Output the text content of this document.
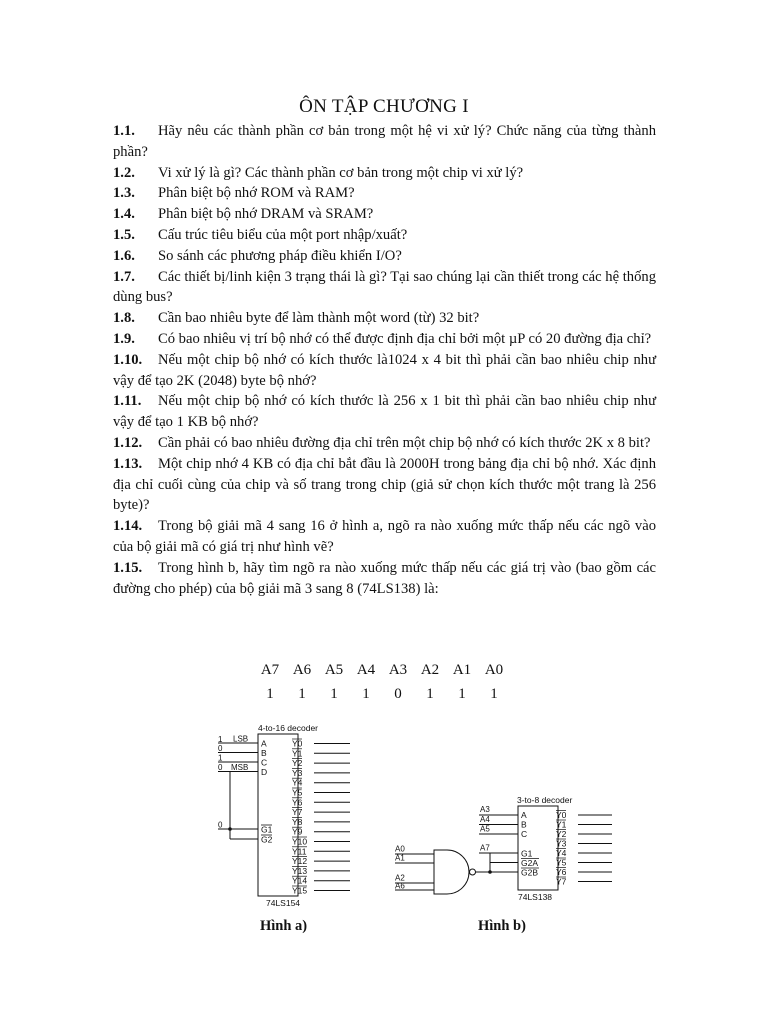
ÔN TẬP CHƯƠNG I

1.1. Hãy nêu các thành phần cơ bản trong một hệ vi xử lý? Chức năng của từng thành phần?

1.2. Vi xử lý là gì? Các thành phần cơ bản trong một chip vi xử lý?

1.3. Phân biệt bộ nhớ ROM và RAM?

1.4. Phân biệt bộ nhớ DRAM và SRAM?

1.5. Cấu trúc tiêu biểu của một port nhập/xuất?

1.6. So sánh các phương pháp điều khiển I/O?

1.7. Các thiết bị/linh kiện 3 trạng thái là gì? Tại sao chúng lại cần thiết trong các hệ thống dùng bus?

1.8. Cần bao nhiêu byte để làm thành một word (từ) 32 bit?

1.9. Có bao nhiêu vị trí bộ nhớ có thể được định địa chỉ bởi một µP có 20 đường địa chỉ?

1.10. Nếu một chip bộ nhớ có kích thước là1024 x 4 bit thì phải cần bao nhiêu chip như vậy để tạo 2K (2048) byte bộ nhớ?

1.11. Nếu một chip bộ nhớ có kích thước là 256 x 1 bit thì phải cần bao nhiêu chip như vậy để tạo 1 KB bộ nhớ?

1.12. Cần phải có bao nhiêu đường địa chỉ trên một chip bộ nhớ có kích thước 2K x 8 bit?

1.13. Một chip nhớ 4 KB có địa chỉ bắt đầu là 2000H trong bảng địa chỉ bộ nhớ. Xác định địa chỉ cuối cùng của chip và số trang trong chip (giả sử chọn kích thước một trang là 256 byte)?

1.14. Trong bộ giải mã 4 sang 16 ở hình a, ngõ ra nào xuống mức thấp nếu các ngõ vào của bộ giải mã có giá trị như hình vẽ?

1.15. Trong hình b, hãy tìm ngõ ra nào xuống mức thấp nếu các giá trị vào (bao gồm các đường cho phép) của bộ giải mã 3 sang 8 (74LS138) là:

A7	A6	A5	A4	A3	A2	A1	A0
1	1	1	1	0	1	1	1
4-to-16 decoder
1
0
1
0
LSB
MSB
0
A
B
C
D
G1
G2
Y0
Y1
Y2
Y3
Y4
Y5
Y6
Y7
Y8
Y9
Y10
Y11
Y12
Y13
Y14
Y15
74LS154
3-to-8 decoder
A3
A4
A5
A7
A0
A1
A2
A6
A
B
C
G1
G2A
G2B
Y0
Y1
Y2
Y3
Y4
Y5
Y6
Y7
74LS138
Hình a)	Hình b)
